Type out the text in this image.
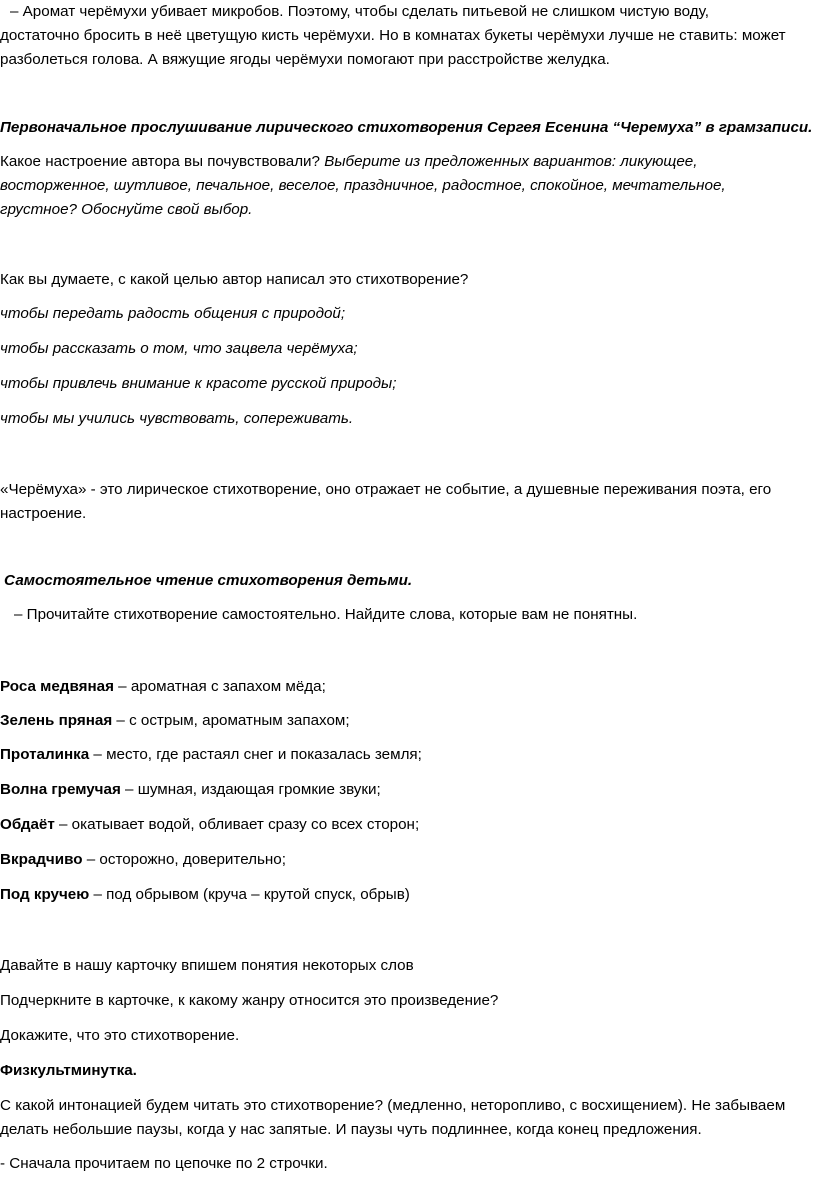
– Аромат черёмухи убивает микробов. Поэтому, чтобы сделать питьевой не слишком чистую воду,
достаточно бросить в неё цветущую кисть черёмухи. Но в комнатах букеты черёмухи лучше не ставить: может
разболеться голова. А вяжущие ягоды черёмухи помогают при расстройстве желудка.
Первоначальное прослушивание лирического стихотворения Сергея Есенина “Черемуха” в грамзаписи.
Какое настроение автора вы почувствовали? Выберите из предложенных вариантов: ликующее,
восторженное, шутливое, печальное, веселое, праздничное, радостное, спокойное, мечтательное,
грустное? Обоснуйте свой выбор.
Как вы думаете, с какой целью автор написал это стихотворение?
чтобы передать радость общения с природой;
чтобы рассказать о том, что зацвела черёмуха;
чтобы привлечь внимание к красоте русской природы;
чтобы мы учились чувствовать, сопереживать.
«Черёмуха» - это лирическое стихотворение, оно отражает не событие, а душевные переживания поэта, его
настроение.
Самостоятельное чтение стихотворения детьми.
– Прочитайте стихотворение самостоятельно. Найдите слова, которые вам не понятны.
Роса медвяная – ароматная с запахом мёда;
Зелень пряная – с острым, ароматным запахом;
Проталинка – место, где растаял снег и показалась земля;
Волна гремучая – шумная, издающая громкие звуки;
Обдаёт – окатывает водой, обливает сразу со всех сторон;
Вкрадчиво – осторожно, доверительно;
Под кручею – под обрывом (круча – крутой спуск, обрыв)
Давайте в нашу карточку впишем понятия некоторых слов
Подчеркните в карточке, к какому жанру относится это произведение?
Докажите, что это стихотворение.
Физкультминутка.
С какой интонацией будем читать это стихотворение? (медленно, неторопливо, с восхищением). Не забываем
делать небольшие паузы, когда у нас запятые. И паузы чуть подлиннее, когда конец предложения.
- Сначала прочитаем по цепочке по 2 строчки.
